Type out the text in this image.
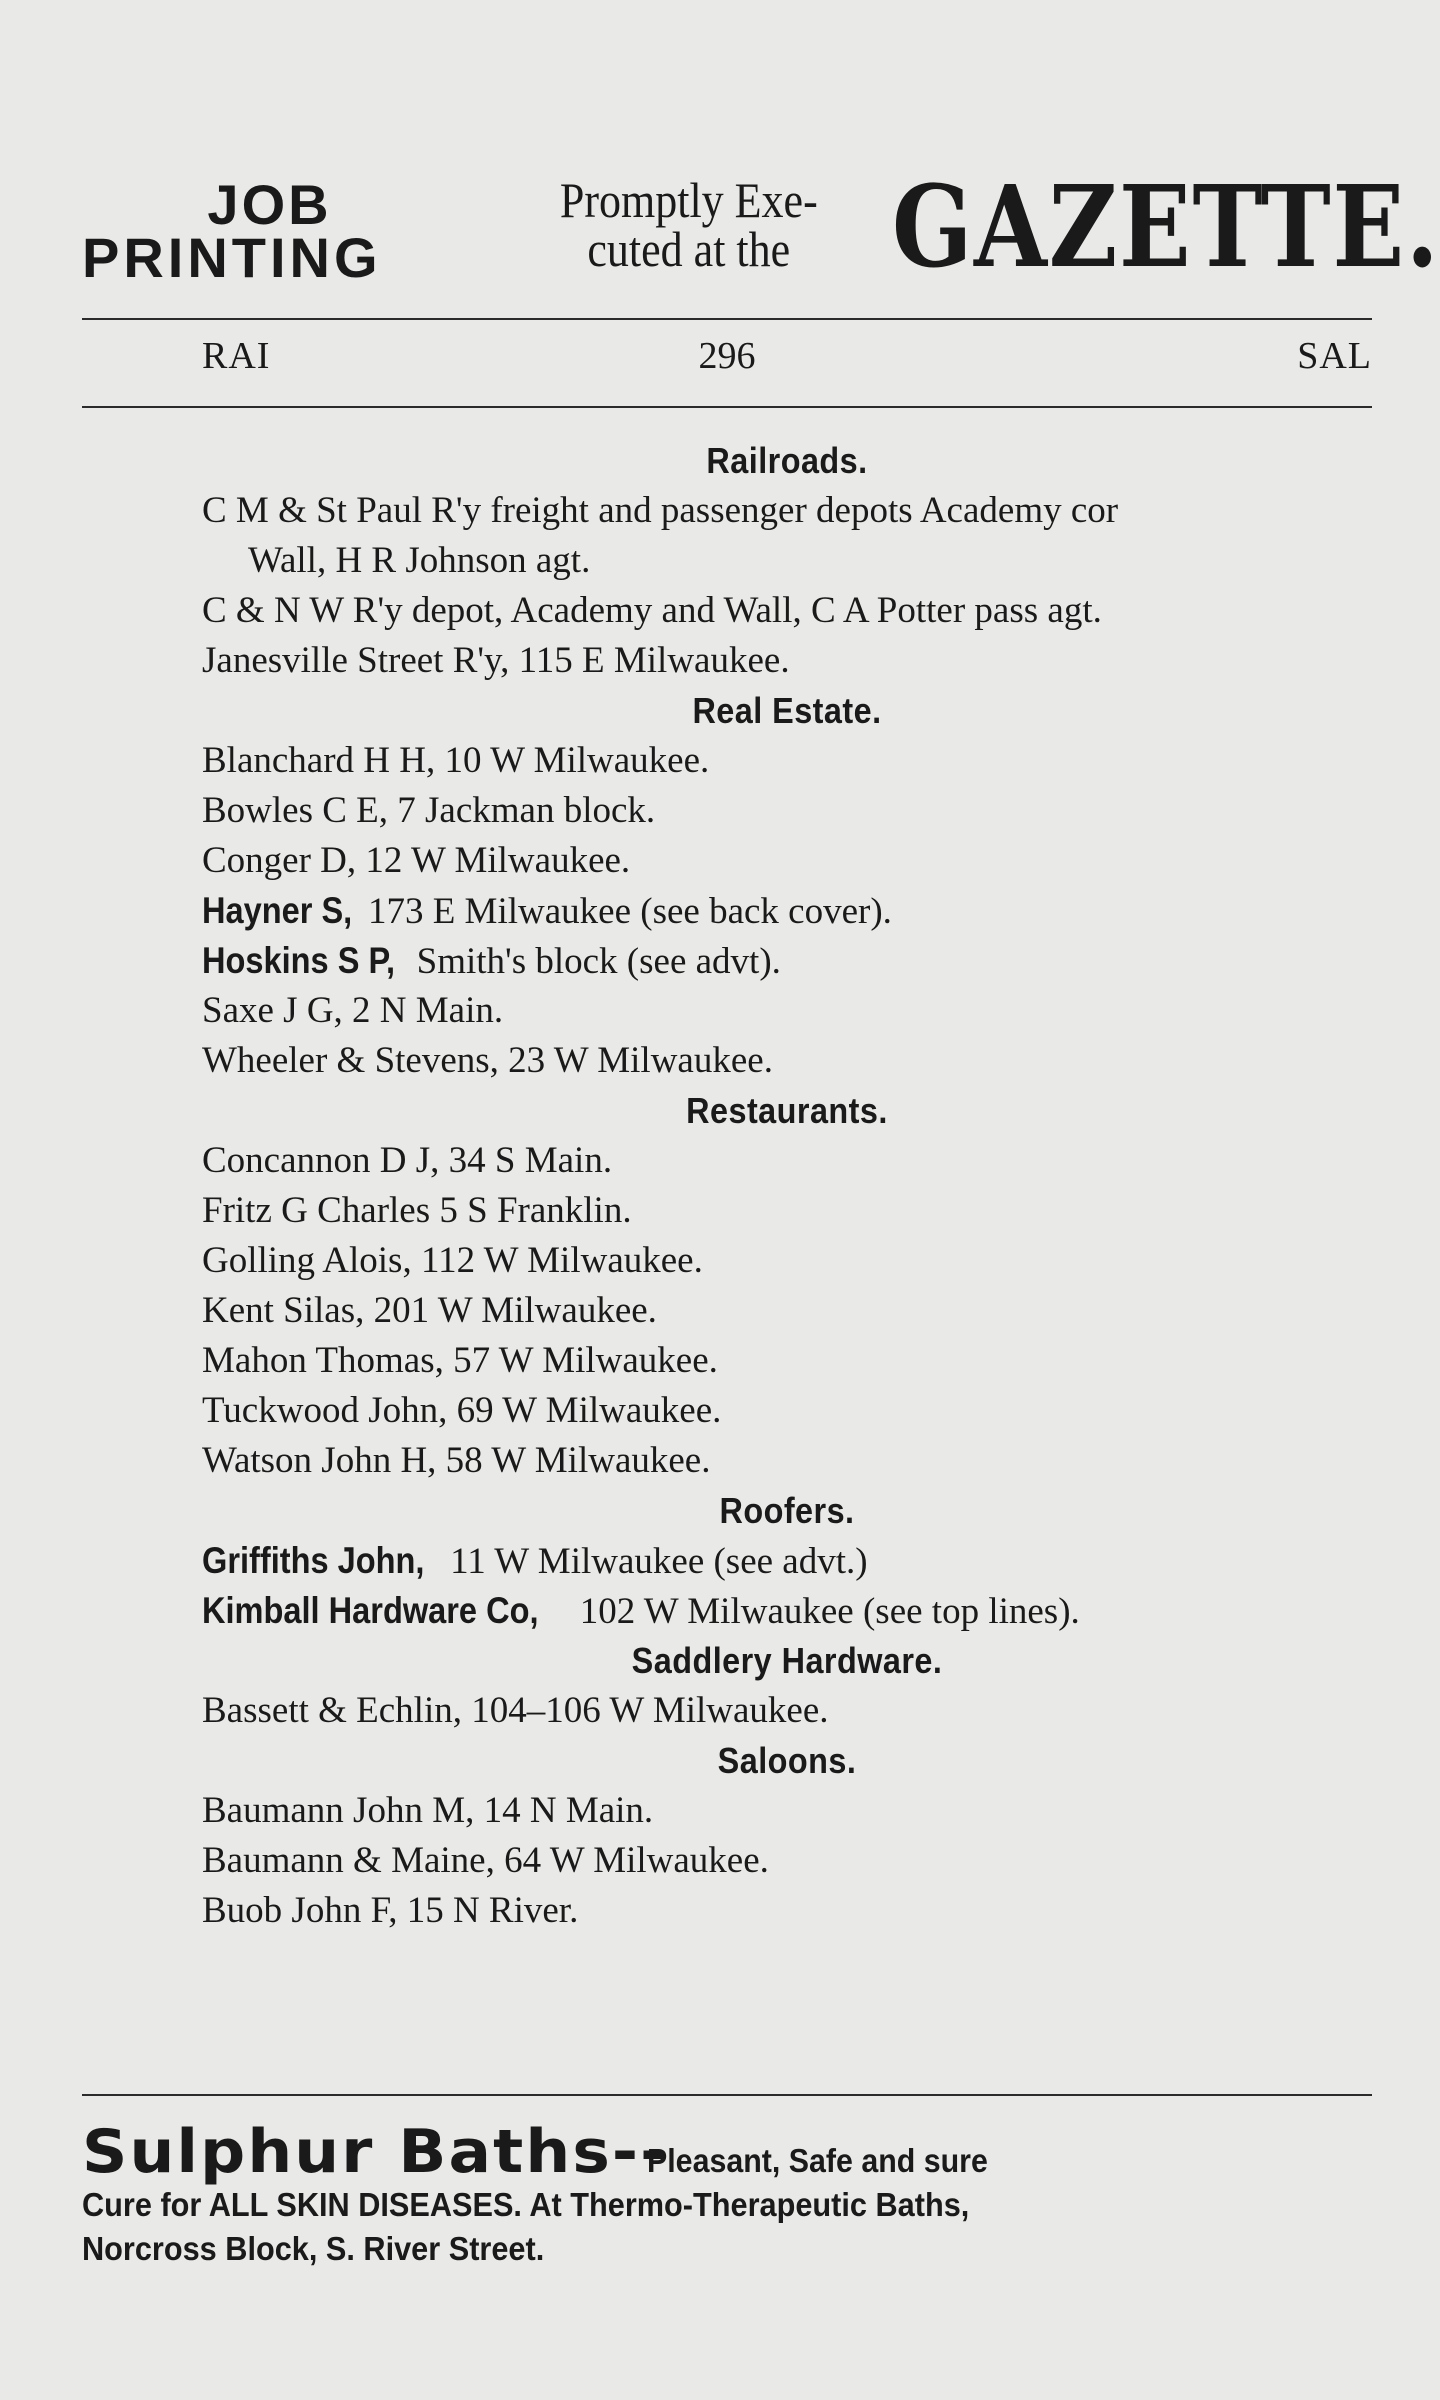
JOB
PRINTING
Promptly Exe-
cuted at the GAZETTE.
RAI	296	SAL
Railroads.
C M & St Paul R'y freight and passenger depots Academy cor
Wall, H R Johnson agt.
C & N W R'y depot, Academy and Wall, C A Potter pass agt.
Janesville Street R'y, 115 E Milwaukee.
Real Estate.
Blanchard H H, 10 W Milwaukee.
Bowles C E, 7 Jackman block.
Conger D, 12 W Milwaukee.
Hayner S, 173 E Milwaukee (see back cover).
Hoskins S P, Smith's block (see advt).
Saxe J G, 2 N Main.
Wheeler & Stevens, 23 W Milwaukee.
Restaurants.
Concannon D J, 34 S Main.
Fritz G Charles 5 S Franklin.
Golling Alois, 112 W Milwaukee.
Kent Silas, 201 W Milwaukee.
Mahon Thomas, 57 W Milwaukee.
Tuckwood John, 69 W Milwaukee.
Watson John H, 58 W Milwaukee.
Roofers.
Griffiths John, 11 W Milwaukee (see advt.)
Kimball Hardware Co, 102 W Milwaukee (see top lines).
Saddlery Hardware.
Bassett & Echlin, 104–106 W Milwaukee.
Saloons.
Baumann John M, 14 N Main.
Baumann & Maine, 64 W Milwaukee.
Buob John F, 15 N River.
Sulphur Baths--Pleasant, Safe and sure
Cure for ALL SKIN DISEASES. At Thermo-Therapeutic Baths,
Norcross Block, S. River Street.
